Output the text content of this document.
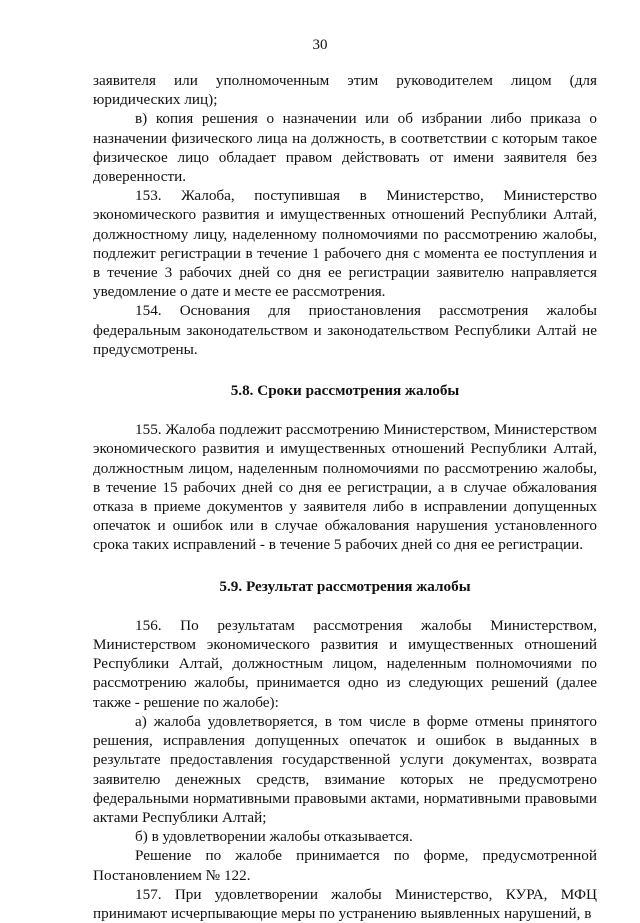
30

заявителя или уполномоченным этим руководителем лицом (для юридических лиц);

в) копия решения о назначении или об избрании либо приказа о назначении физического лица на должность, в соответствии с которым такое физическое лицо обладает правом действовать от имени заявителя без доверенности.

153. Жалоба, поступившая в Министерство, Министерство экономического развития и имущественных отношений Республики Алтай, должностному лицу, наделенному полномочиями по рассмотрению жалобы, подлежит регистрации в течение 1 рабочего дня с момента ее поступления и в течение 3 рабочих дней со дня ее регистрации заявителю направляется уведомление о дате и месте ее рассмотрения.

154. Основания для приостановления рассмотрения жалобы федеральным законодательством и законодательством Республики Алтай не предусмотрены.

5.8. Сроки рассмотрения жалобы

155. Жалоба подлежит рассмотрению Министерством, Министерством экономического развития и имущественных отношений Республики Алтай, должностным лицом, наделенным полномочиями по рассмотрению жалобы, в течение 15 рабочих дней со дня ее регистрации, а в случае обжалования отказа в приеме документов у заявителя либо в исправлении допущенных опечаток и ошибок или в случае обжалования нарушения установленного срока таких исправлений - в течение 5 рабочих дней со дня ее регистрации.

5.9. Результат рассмотрения жалобы

156. По результатам рассмотрения жалобы Министерством, Министерством экономического развития и имущественных отношений Республики Алтай, должностным лицом, наделенным полномочиями по рассмотрению жалобы, принимается одно из следующих решений (далее также - решение по жалобе):

а) жалоба удовлетворяется, в том числе в форме отмены принятого решения, исправления допущенных опечаток и ошибок в выданных в результате предоставления государственной услуги документах, возврата заявителю денежных средств, взимание которых не предусмотрено федеральными нормативными правовыми актами, нормативными правовыми актами Республики Алтай;

б) в удовлетворении жалобы отказывается.

Решение по жалобе принимается по форме, предусмотренной Постановлением № 122.

157. При удовлетворении жалобы Министерство, КУРА, МФЦ принимают исчерпывающие меры по устранению выявленных нарушений, в
